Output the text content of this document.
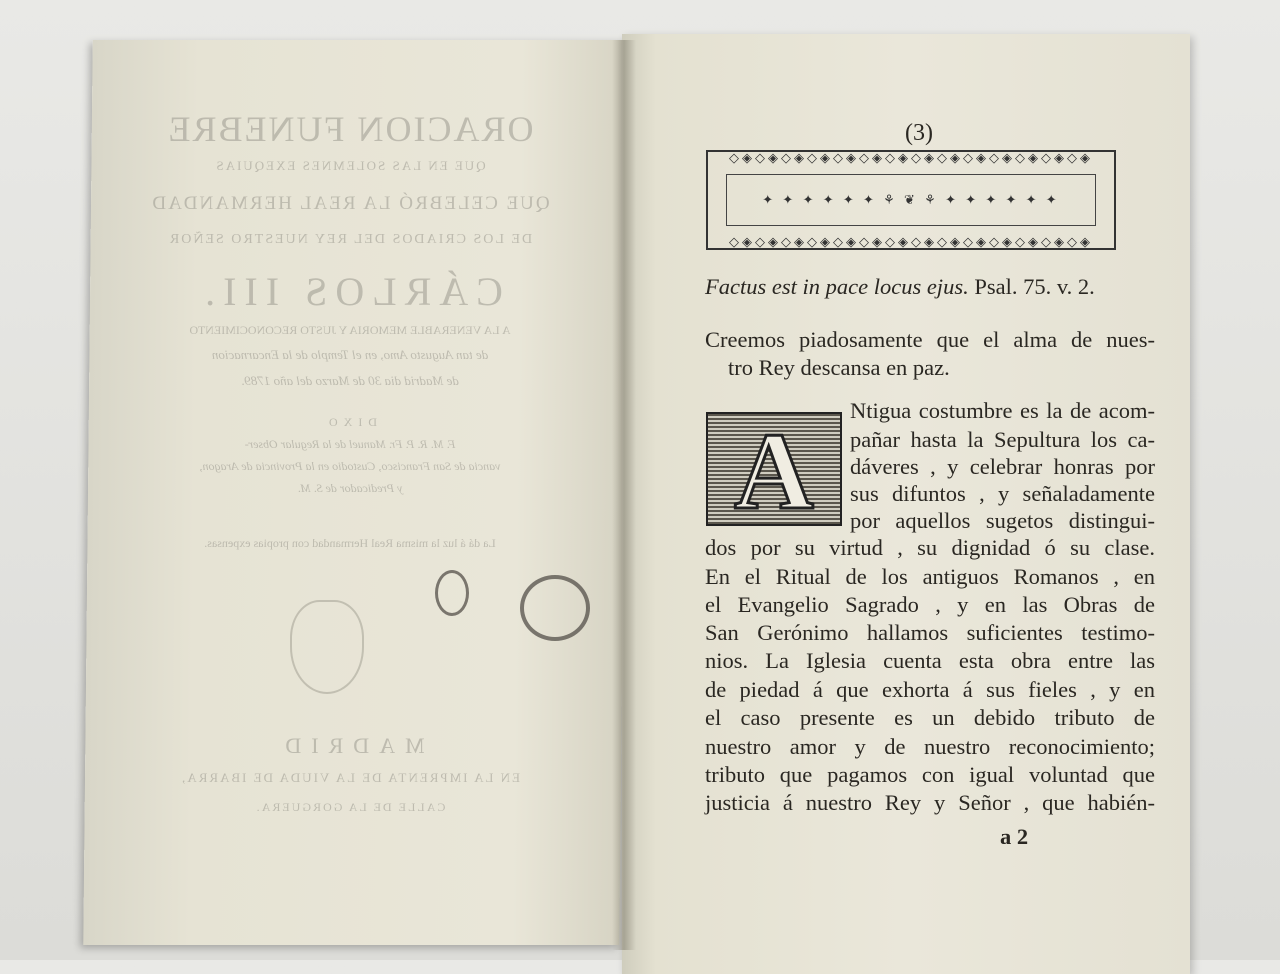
ORACION FUNEBRE
QUE EN LAS SOLEMNES EXEQUIAS
QUE CELEBRÓ LA REAL HERMANDAD
DE LOS CRIADOS DEL REY NUESTRO SEÑOR
CÁRLOS III.
A LA VENERABLE MEMORIA Y JUSTO RECONOCIMIENTO
de tan Augusto Amo, en el Templo de la Encarnacion
de Madrid dia 30 de Marzo del año 1789.
DIXO
F. M. R. P. Fr. Manuel de la Regular Obser-
vancia de San Francisco, Custodio en la Provincia de Aragon,
y Predicador de S. M.
La dá á luz la misma Real Hermandad con propias expensas.
MADRID
EN LA IMPRENTA DE LA VIUDA DE IBARRA,
CALLE DE LA GORGUERA.
(3)
◇◈◇◈◇◈◇◈◇◈◇◈◇◈◇◈◇◈◇◈◇◈◇◈◇◈◇◈
✦ ✦ ✦ ✦ ✦ ✦ ⚘ ❦ ⚘ ✦ ✦ ✦ ✦ ✦ ✦
◇◈◇◈◇◈◇◈◇◈◇◈◇◈◇◈◇◈◇◈◇◈◇◈◇◈◇◈
Factus est in pace locus ejus. Psal. 75. v. 2.
Creemos piadosamente que el alma de nues-
tro Rey descansa en paz.
A	Ntigua costumbre es la de acom-
pañar hasta la Sepultura los ca-
dáveres , y celebrar honras por
sus difuntos , y señaladamente
por aquellos sugetos distingui-
dos por su virtud , su dignidad ó su clase.
En el Ritual de los antiguos Romanos , en
el Evangelio Sagrado , y en las Obras de
San Gerónimo hallamos suficientes testimo-
nios. La Iglesia cuenta esta obra entre las
de piedad á que exhorta á sus fieles , y en
el caso presente es un debido tributo de
nuestro amor y de nuestro reconocimiento;
tributo que pagamos con igual voluntad que
justicia á nuestro Rey y Señor , que habién-
a 2
